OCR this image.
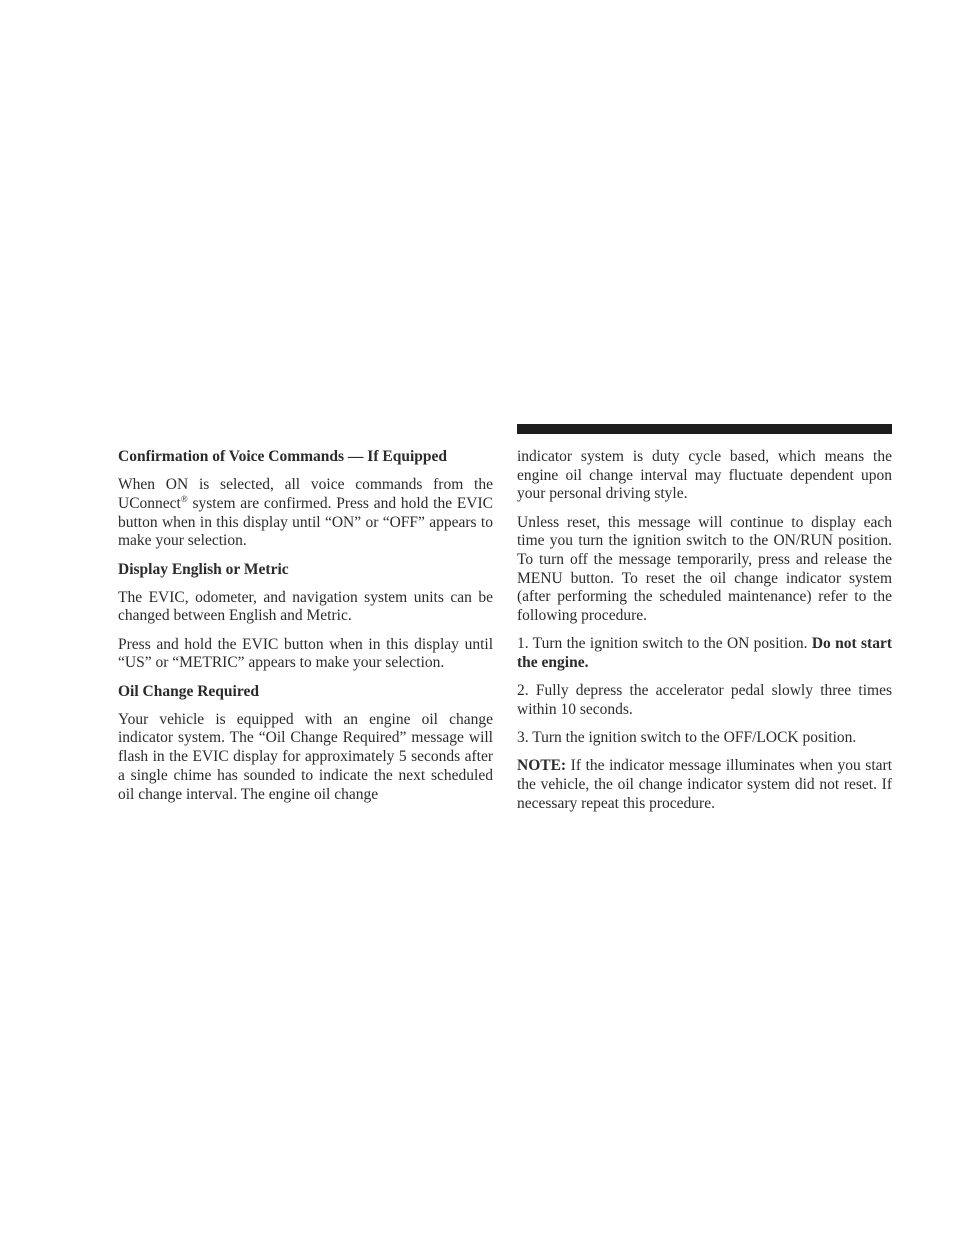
Confirmation of Voice Commands — If Equipped

When ON is selected, all voice commands from the UConnect® system are confirmed. Press and hold the EVIC button when in this display until “ON” or “OFF” appears to make your selection.

Display English or Metric

The EVIC, odometer, and navigation system units can be changed between English and Metric.

Press and hold the EVIC button when in this display until “US” or “METRIC” appears to make your selection.

Oil Change Required

Your vehicle is equipped with an engine oil change indicator system. The “Oil Change Required” message will flash in the EVIC display for approximately 5 seconds after a single chime has sounded to indicate the next scheduled oil change interval. The engine oil change

indicator system is duty cycle based, which means the engine oil change interval may fluctuate dependent upon your personal driving style.

Unless reset, this message will continue to display each time you turn the ignition switch to the ON/RUN position. To turn off the message temporarily, press and release the MENU button. To reset the oil change indicator system (after performing the scheduled maintenance) refer to the following procedure.

1. Turn the ignition switch to the ON position. Do not start the engine.

2. Fully depress the accelerator pedal slowly three times within 10 seconds.

3. Turn the ignition switch to the OFF/LOCK position.

NOTE: If the indicator message illuminates when you start the vehicle, the oil change indicator system did not reset. If necessary repeat this procedure.
